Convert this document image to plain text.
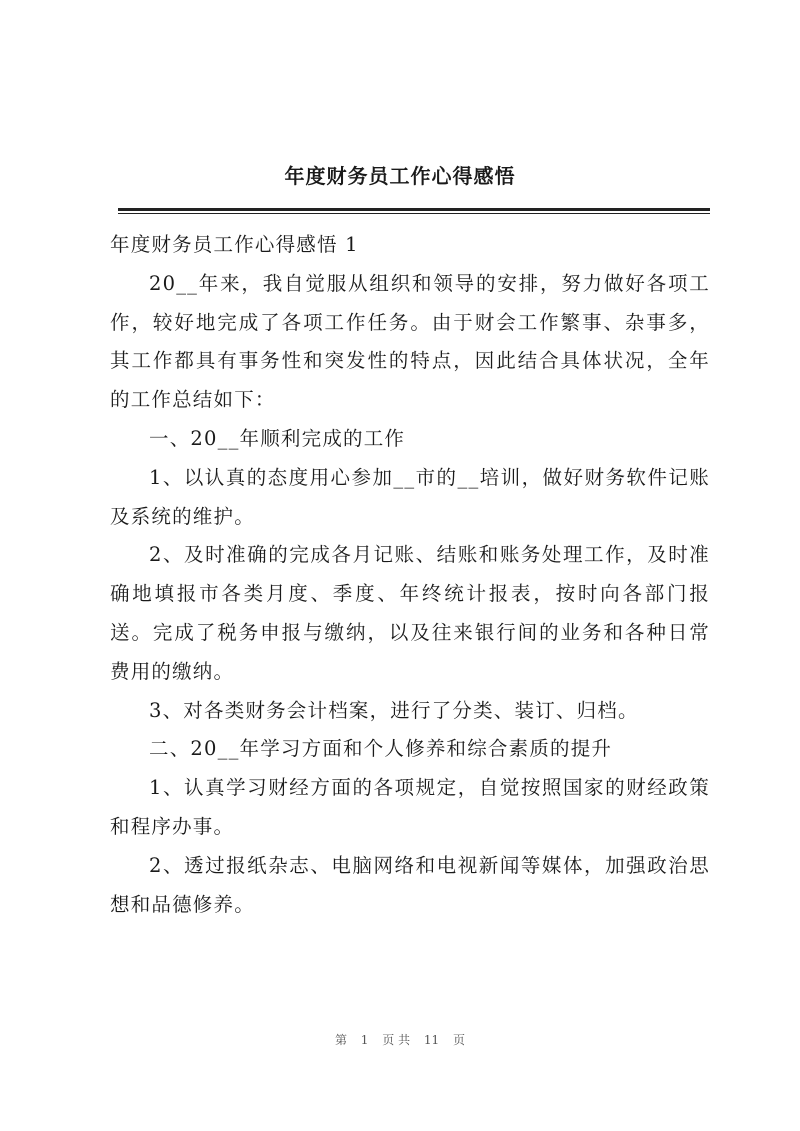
年度财务员工作心得感悟

年度财务员工作心得感悟 1

20__年来，我自觉服从组织和领导的安排，努力做好各项工作，较好地完成了各项工作任务。由于财会工作繁事、杂事多，其工作都具有事务性和突发性的特点，因此结合具体状况，全年的工作总结如下：

一、20__年顺利完成的工作

1、以认真的态度用心参加__市的__培训，做好财务软件记账及系统的维护。

2、及时准确的完成各月记账、结账和账务处理工作，及时准确地填报市各类月度、季度、年终统计报表，按时向各部门报送。完成了税务申报与缴纳，以及往来银行间的业务和各种日常费用的缴纳。

3、对各类财务会计档案，进行了分类、装订、归档。

二、20__年学习方面和个人修养和综合素质的提升

1、认真学习财经方面的各项规定，自觉按照国家的财经政策和程序办事。

2、透过报纸杂志、电脑网络和电视新闻等媒体，加强政治思想和品德修养。

第 1 页 共 11 页
